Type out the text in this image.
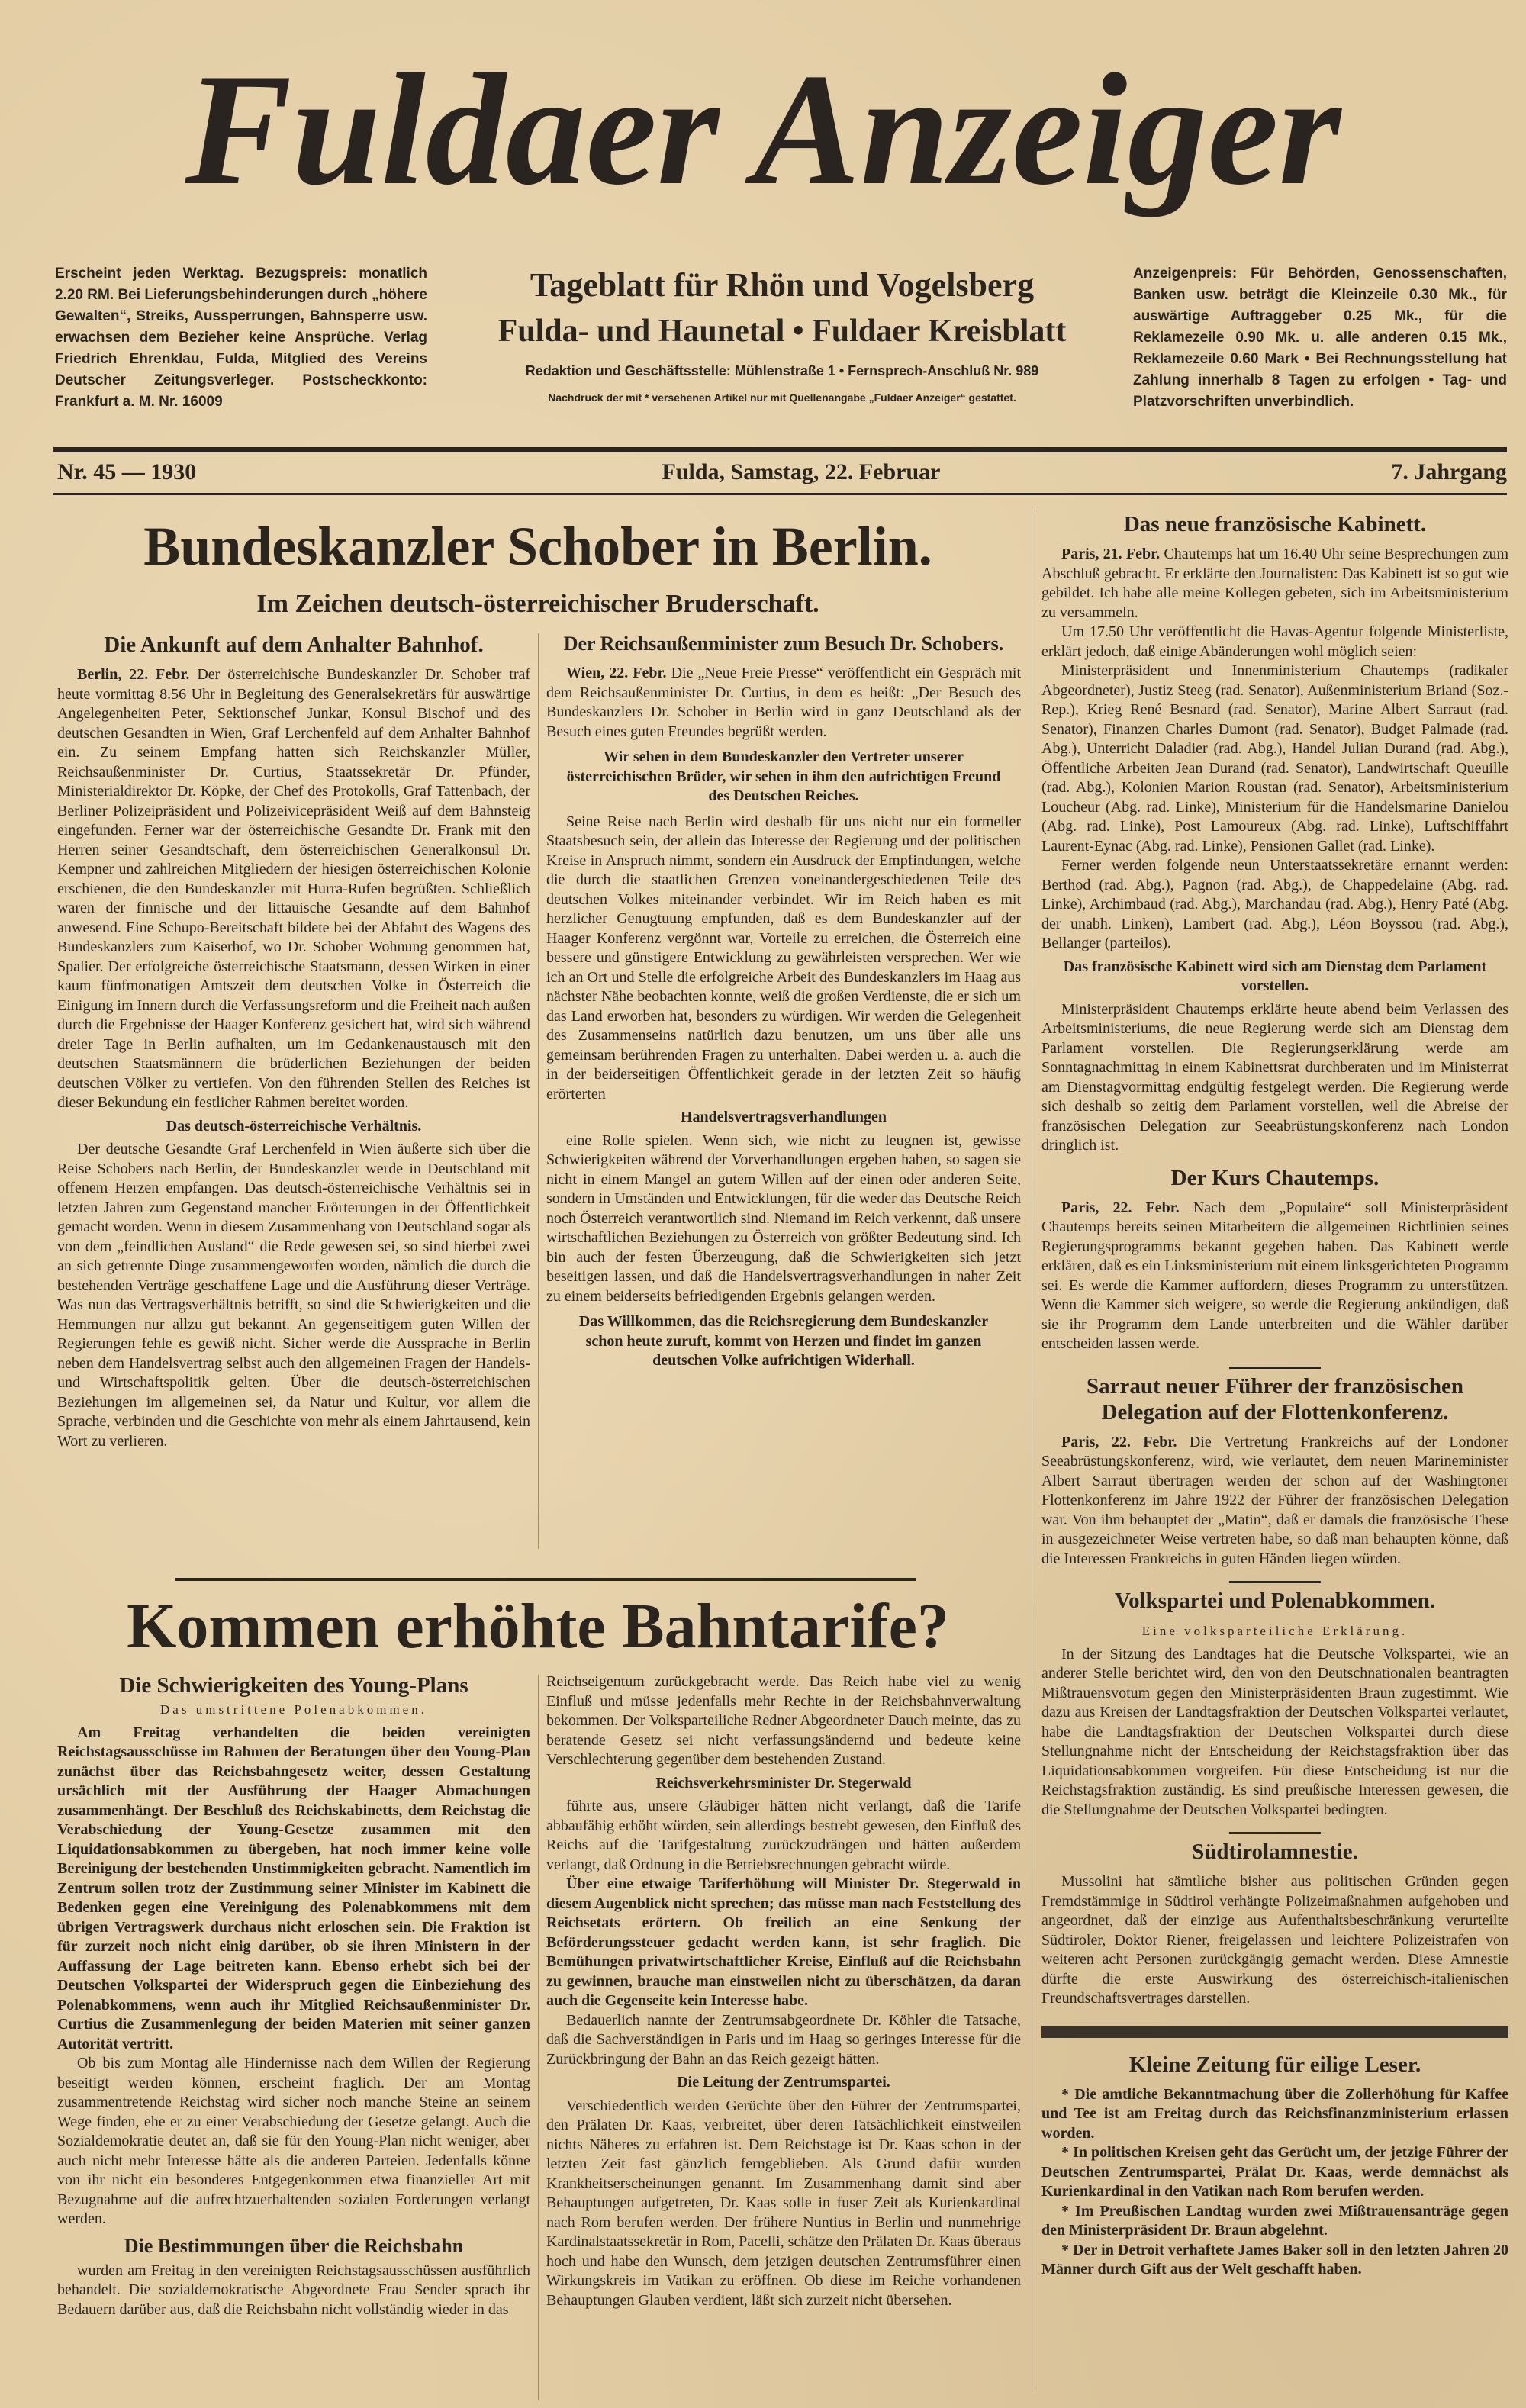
Fuldaer Anzeiger
Erscheint jeden Werktag. Bezugspreis: monatlich 2.20 RM. Bei Lieferungsbehinderungen durch „höhere Gewalten“, Streiks, Aussperrungen, Bahnsperre usw. erwachsen dem Bezieher keine Ansprüche. Verlag Friedrich Ehrenklau, Fulda, Mitglied des Vereins Deutscher Zeitungsverleger. Postscheckkonto: Frankfurt a. M. Nr. 16009
Tageblatt für Rhön und Vogelsberg
Fulda- und Haunetal • Fuldaer Kreisblatt
Redaktion und Geschäftsstelle: Mühlenstraße 1 • Fernsprech-Anschluß Nr. 989
Nachdruck der mit * versehenen Artikel nur mit Quellenangabe „Fuldaer Anzeiger“ gestattet.
Anzeigenpreis: Für Behörden, Genossenschaften, Banken usw. beträgt die Kleinzeile 0.30 Mk., für auswärtige Auftraggeber 0.25 Mk., für die Reklamezeile 0.90 Mk. u. alle anderen 0.15 Mk., Reklamezeile 0.60 Mark • Bei Rechnungsstellung hat Zahlung innerhalb 8 Tagen zu erfolgen • Tag- und Platzvorschriften unverbindlich.
Nr. 45 — 1930	Fulda, Samstag, 22. Februar	7. Jahrgang
Bundeskanzler Schober in Berlin.
Im Zeichen deutsch-österreichischer Bruderschaft.
Die Ankunft auf dem Anhalter Bahnhof.

Berlin, 22. Febr. Der österreichische Bundeskanzler Dr. Schober traf heute vormittag 8.56 Uhr in Begleitung des Generalsekretärs für auswärtige Angelegenheiten Peter, Sektionschef Junkar, Konsul Bischof und des deutschen Gesandten in Wien, Graf Lerchenfeld auf dem Anhalter Bahnhof ein. Zu seinem Empfang hatten sich Reichskanzler Müller, Reichsaußenminister Dr. Curtius, Staatssekretär Dr. Pfünder, Ministerialdirektor Dr. Köpke, der Chef des Protokolls, Graf Tattenbach, der Berliner Polizeipräsident und Polizeivicepräsident Weiß auf dem Bahnsteig eingefunden. Ferner war der österreichische Gesandte Dr. Frank mit den Herren seiner Gesandtschaft, dem österreichischen Generalkonsul Dr. Kempner und zahlreichen Mitgliedern der hiesigen österreichischen Kolonie erschienen, die den Bundeskanzler mit Hurra-Rufen begrüßten. Schließlich waren der finnische und der littauische Gesandte auf dem Bahnhof anwesend. Eine Schupo-Bereitschaft bildete bei der Abfahrt des Wagens des Bundeskanzlers zum Kaiserhof, wo Dr. Schober Wohnung genommen hat, Spalier. Der erfolgreiche österreichische Staatsmann, dessen Wirken in einer kaum fünfmonatigen Amtszeit dem deutschen Volke in Österreich die Einigung im Innern durch die Verfassungsreform und die Freiheit nach außen durch die Ergebnisse der Haager Konferenz gesichert hat, wird sich während dreier Tage in Berlin aufhalten, um im Gedankenaustausch mit den deutschen Staatsmännern die brüderlichen Beziehungen der beiden deutschen Völker zu vertiefen. Von den führenden Stellen des Reiches ist dieser Bekundung ein festlicher Rahmen bereitet worden.

Das deutsch-österreichische Verhältnis.

Der deutsche Gesandte Graf Lerchenfeld in Wien äußerte sich über die Reise Schobers nach Berlin, der Bundeskanzler werde in Deutschland mit offenem Herzen empfangen. Das deutsch-österreichische Verhältnis sei in letzten Jahren zum Gegenstand mancher Erörterungen in der Öffentlichkeit gemacht worden. Wenn in diesem Zusammenhang von Deutschland sogar als von dem „feindlichen Ausland“ die Rede gewesen sei, so sind hierbei zwei an sich getrennte Dinge zusammengeworfen worden, nämlich die durch die bestehenden Verträge geschaffene Lage und die Ausführung dieser Verträge. Was nun das Vertragsverhältnis betrifft, so sind die Schwierigkeiten und die Hemmungen nur allzu gut bekannt. An gegenseitigem guten Willen der Regierungen fehle es gewiß nicht. Sicher werde die Aussprache in Berlin neben dem Handelsvertrag selbst auch den allgemeinen Fragen der Handels- und Wirtschaftspolitik gelten. Über die deutsch-österreichischen Beziehungen im allgemeinen sei, da Natur und Kultur, vor allem die Sprache, verbinden und die Geschichte von mehr als einem Jahrtausend, kein Wort zu verlieren.

Der Reichsaußenminister zum Besuch Dr. Schobers.

Wien, 22. Febr. Die „Neue Freie Presse“ veröffentlicht ein Gespräch mit dem Reichsaußenminister Dr. Curtius, in dem es heißt: „Der Besuch des Bundeskanzlers Dr. Schober in Berlin wird in ganz Deutschland als der Besuch eines guten Freundes begrüßt werden.

Wir sehen in dem Bundeskanzler den Vertreter unserer österreichischen Brüder, wir sehen in ihm den aufrichtigen Freund des Deutschen Reiches.

Seine Reise nach Berlin wird deshalb für uns nicht nur ein formeller Staatsbesuch sein, der allein das Interesse der Regierung und der politischen Kreise in Anspruch nimmt, sondern ein Ausdruck der Empfindungen, welche die durch die staatlichen Grenzen voneinandergeschiedenen Teile des deutschen Volkes miteinander verbindet. Wir im Reich haben es mit herzlicher Genugtuung empfunden, daß es dem Bundeskanzler auf der Haager Konferenz vergönnt war, Vorteile zu erreichen, die Österreich eine bessere und günstigere Entwicklung zu gewährleisten versprechen. Wer wie ich an Ort und Stelle die erfolgreiche Arbeit des Bundeskanzlers im Haag aus nächster Nähe beobachten konnte, weiß die großen Verdienste, die er sich um das Land erworben hat, besonders zu würdigen. Wir werden die Gelegenheit des Zusammenseins natürlich dazu benutzen, um uns über alle uns gemeinsam berührenden Fragen zu unterhalten. Dabei werden u. a. auch die in der beiderseitigen Öffentlichkeit gerade in der letzten Zeit so häufig erörterten

Handelsvertragsverhandlungen

eine Rolle spielen. Wenn sich, wie nicht zu leugnen ist, gewisse Schwierigkeiten während der Vorverhandlungen ergeben haben, so sagen sie nicht in einem Mangel an gutem Willen auf der einen oder anderen Seite, sondern in Umständen und Entwicklungen, für die weder das Deutsche Reich noch Österreich verantwortlich sind. Niemand im Reich verkennt, daß unsere wirtschaftlichen Beziehungen zu Österreich von größter Bedeutung sind. Ich bin auch der festen Überzeugung, daß die Schwierigkeiten sich jetzt beseitigen lassen, und daß die Handelsvertragsverhandlungen in naher Zeit zu einem beiderseits befriedigenden Ergebnis gelangen werden.

Das Willkommen, das die Reichsregierung dem Bundeskanzler schon heute zuruft, kommt von Herzen und findet im ganzen deutschen Volke aufrichtigen Widerhall.
Das neue französische Kabinett.

Paris, 21. Febr. Chautemps hat um 16.40 Uhr seine Besprechungen zum Abschluß gebracht. Er erklärte den Journalisten: Das Kabinett ist so gut wie gebildet. Ich habe alle meine Kollegen gebeten, sich im Arbeitsministerium zu versammeln.

Um 17.50 Uhr veröffentlicht die Havas-Agentur folgende Ministerliste, erklärt jedoch, daß einige Abänderungen wohl möglich seien:

Ministerpräsident und Innenministerium Chautemps (radikaler Abgeordneter), Justiz Steeg (rad. Senator), Außenministerium Briand (Soz.-Rep.), Krieg René Besnard (rad. Senator), Marine Albert Sarraut (rad. Senator), Finanzen Charles Dumont (rad. Senator), Budget Palmade (rad. Abg.), Unterricht Daladier (rad. Abg.), Handel Julian Durand (rad. Abg.), Öffentliche Arbeiten Jean Durand (rad. Senator), Landwirtschaft Queuille (rad. Abg.), Kolonien Marion Roustan (rad. Senator), Arbeitsministerium Loucheur (Abg. rad. Linke), Ministerium für die Handelsmarine Danielou (Abg. rad. Linke), Post Lamoureux (Abg. rad. Linke), Luftschiffahrt Laurent-Eynac (Abg. rad. Linke), Pensionen Gallet (rad. Linke).

Ferner werden folgende neun Unterstaatssekretäre ernannt werden: Berthod (rad. Abg.), Pagnon (rad. Abg.), de Chappedelaine (Abg. rad. Linke), Archimbaud (rad. Abg.), Marchandau (rad. Abg.), Henry Paté (Abg. der unabh. Linken), Lambert (rad. Abg.), Léon Boyssou (rad. Abg.), Bellanger (parteilos).

Das französische Kabinett wird sich am Dienstag dem Parlament vorstellen.

Ministerpräsident Chautemps erklärte heute abend beim Verlassen des Arbeitsministeriums, die neue Regierung werde sich am Dienstag dem Parlament vorstellen. Die Regierungserklärung werde am Sonntagnachmittag in einem Kabinettsrat durchberaten und im Ministerrat am Dienstagvormittag endgültig festgelegt werden. Die Regierung werde sich deshalb so zeitig dem Parlament vorstellen, weil die Abreise der französischen Delegation zur Seeabrüstungskonferenz nach London dringlich ist.

Der Kurs Chautemps.

Paris, 22. Febr. Nach dem „Populaire“ soll Ministerpräsident Chautemps bereits seinen Mitarbeitern die allgemeinen Richtlinien seines Regierungsprogramms bekannt gegeben haben. Das Kabinett werde erklären, daß es ein Linksministerium mit einem linksgerichteten Programm sei. Es werde die Kammer auffordern, dieses Programm zu unterstützen. Wenn die Kammer sich weigere, so werde die Regierung ankündigen, daß sie ihr Programm dem Lande unterbreiten und die Wähler darüber entscheiden lassen werde.

Sarraut neuer Führer der französischen Delegation auf der Flottenkonferenz.

Paris, 22. Febr. Die Vertretung Frankreichs auf der Londoner Seeabrüstungskonferenz, wird, wie verlautet, dem neuen Marineminister Albert Sarraut übertragen werden der schon auf der Washingtoner Flottenkonferenz im Jahre 1922 der Führer der französischen Delegation war. Von ihm behauptet der „Matin“, daß er damals die französische These in ausgezeichneter Weise vertreten habe, so daß man behaupten könne, daß die Interessen Frankreichs in guten Händen liegen würden.

Volkspartei und Polenabkommen.
Eine volksparteiliche Erklärung.

In der Sitzung des Landtages hat die Deutsche Volkspartei, wie an anderer Stelle berichtet wird, den von den Deutschnationalen beantragten Mißtrauensvotum gegen den Ministerpräsidenten Braun zugestimmt. Wie dazu aus Kreisen der Landtagsfraktion der Deutschen Volkspartei verlautet, habe die Landtagsfraktion der Deutschen Volkspartei durch diese Stellungnahme nicht der Entscheidung der Reichstagsfraktion über das Liquidationsabkommen vorgreifen. Für diese Entscheidung ist nur die Reichstagsfraktion zuständig. Es sind preußische Interessen gewesen, die die Stellungnahme der Deutschen Volkspartei bedingten.

Südtirolamnestie.

Mussolini hat sämtliche bisher aus politischen Gründen gegen Fremdstämmige in Südtirol verhängte Polizeimaßnahmen aufgehoben und angeordnet, daß der einzige aus Aufenthaltsbeschränkung verurteilte Südtiroler, Doktor Riener, freigelassen und leichtere Polizeistrafen von weiteren acht Personen zurückgängig gemacht werden. Diese Amnestie dürfte die erste Auswirkung des österreichisch-italienischen Freundschaftsvertrages darstellen.

Kleine Zeitung für eilige Leser.

* Die amtliche Bekanntmachung über die Zollerhöhung für Kaffee und Tee ist am Freitag durch das Reichsfinanzministerium erlassen worden.

* In politischen Kreisen geht das Gerücht um, der jetzige Führer der Deutschen Zentrumspartei, Prälat Dr. Kaas, werde demnächst als Kurienkardinal in den Vatikan nach Rom berufen werden.

* Im Preußischen Landtag wurden zwei Mißtrauensanträge gegen den Ministerpräsident Dr. Braun abgelehnt.

* Der in Detroit verhaftete James Baker soll in den letzten Jahren 20 Männer durch Gift aus der Welt geschafft haben.

Kommen erhöhte Bahntarife?
Die Schwierigkeiten des Young-Plans
Das umstrittene Polenabkommen.

Am Freitag verhandelten die beiden vereinigten Reichstagsausschüsse im Rahmen der Beratungen über den Young-Plan zunächst über das Reichsbahngesetz weiter, dessen Gestaltung ursächlich mit der Ausführung der Haager Abmachungen zusammenhängt. Der Beschluß des Reichskabinetts, dem Reichstag die Verabschiedung der Young-Gesetze zusammen mit den Liquidationsabkommen zu übergeben, hat noch immer keine volle Bereinigung der bestehenden Unstimmigkeiten gebracht. Namentlich im Zentrum sollen trotz der Zustimmung seiner Minister im Kabinett die Bedenken gegen eine Vereinigung des Polenabkommens mit dem übrigen Vertragswerk durchaus nicht erloschen sein. Die Fraktion ist für zurzeit noch nicht einig darüber, ob sie ihren Ministern in der Auffassung der Lage beitreten kann. Ebenso erhebt sich bei der Deutschen Volkspartei der Widerspruch gegen die Einbeziehung des Polenabkommens, wenn auch ihr Mitglied Reichsaußenminister Dr. Curtius die Zusammenlegung der beiden Materien mit seiner ganzen Autorität vertritt.

Ob bis zum Montag alle Hindernisse nach dem Willen der Regierung beseitigt werden können, erscheint fraglich. Der am Montag zusammentretende Reichstag wird sicher noch manche Steine an seinem Wege finden, ehe er zu einer Verabschiedung der Gesetze gelangt. Auch die Sozialdemokratie deutet an, daß sie für den Young-Plan nicht weniger, aber auch nicht mehr Interesse hätte als die anderen Parteien. Jedenfalls könne von ihr nicht ein besonderes Entgegenkommen etwa finanzieller Art mit Bezugnahme auf die aufrechtzuerhaltenden sozialen Forderungen verlangt werden.

Die Bestimmungen über die Reichsbahn

wurden am Freitag in den vereinigten Reichstagsausschüssen ausführlich behandelt. Die sozialdemokratische Abgeordnete Frau Sender sprach ihr Bedauern darüber aus, daß die Reichsbahn nicht vollständig wieder in das

Reichseigentum zurückgebracht werde. Das Reich habe viel zu wenig Einfluß und müsse jedenfalls mehr Rechte in der Reichsbahnverwaltung bekommen. Der Volksparteiliche Redner Abgeordneter Dauch meinte, das zu beratende Gesetz sei nicht verfassungsändernd und bedeute keine Verschlechterung gegenüber dem bestehenden Zustand.

Reichsverkehrsminister Dr. Stegerwald

führte aus, unsere Gläubiger hätten nicht verlangt, daß die Tarife abbaufähig erhöht würden, sein allerdings bestrebt gewesen, den Einfluß des Reichs auf die Tarifgestaltung zurückzudrängen und hätten außerdem verlangt, daß Ordnung in die Betriebsrechnungen gebracht würde.

Über eine etwaige Tariferhöhung will Minister Dr. Stegerwald in diesem Augenblick nicht sprechen; das müsse man nach Feststellung des Reichsetats erörtern. Ob freilich an eine Senkung der Beförderungssteuer gedacht werden kann, ist sehr fraglich. Die Bemühungen privatwirtschaftlicher Kreise, Einfluß auf die Reichsbahn zu gewinnen, brauche man einstweilen nicht zu überschätzen, da daran auch die Gegenseite kein Interesse habe.

Bedauerlich nannte der Zentrumsabgeordnete Dr. Köhler die Tatsache, daß die Sachverständigen in Paris und im Haag so geringes Interesse für die Zurückbringung der Bahn an das Reich gezeigt hätten.

Die Leitung der Zentrumspartei.

Verschiedentlich werden Gerüchte über den Führer der Zentrumspartei, den Prälaten Dr. Kaas, verbreitet, über deren Tatsächlichkeit einstweilen nichts Näheres zu erfahren ist. Dem Reichstage ist Dr. Kaas schon in der letzten Zeit fast gänzlich ferngeblieben. Als Grund dafür wurden Krankheitserscheinungen genannt. Im Zusammenhang damit sind aber Behauptungen aufgetreten, Dr. Kaas solle in fuser Zeit als Kurienkardinal nach Rom berufen werden. Der frühere Nuntius in Berlin und nunmehrige Kardinalstaatssekretär in Rom, Pacelli, schätze den Prälaten Dr. Kaas überaus hoch und habe den Wunsch, dem jetzigen deutschen Zentrumsführer einen Wirkungskreis im Vatikan zu eröffnen. Ob diese im Reiche vorhandenen Behauptungen Glauben verdient, läßt sich zurzeit nicht übersehen.
